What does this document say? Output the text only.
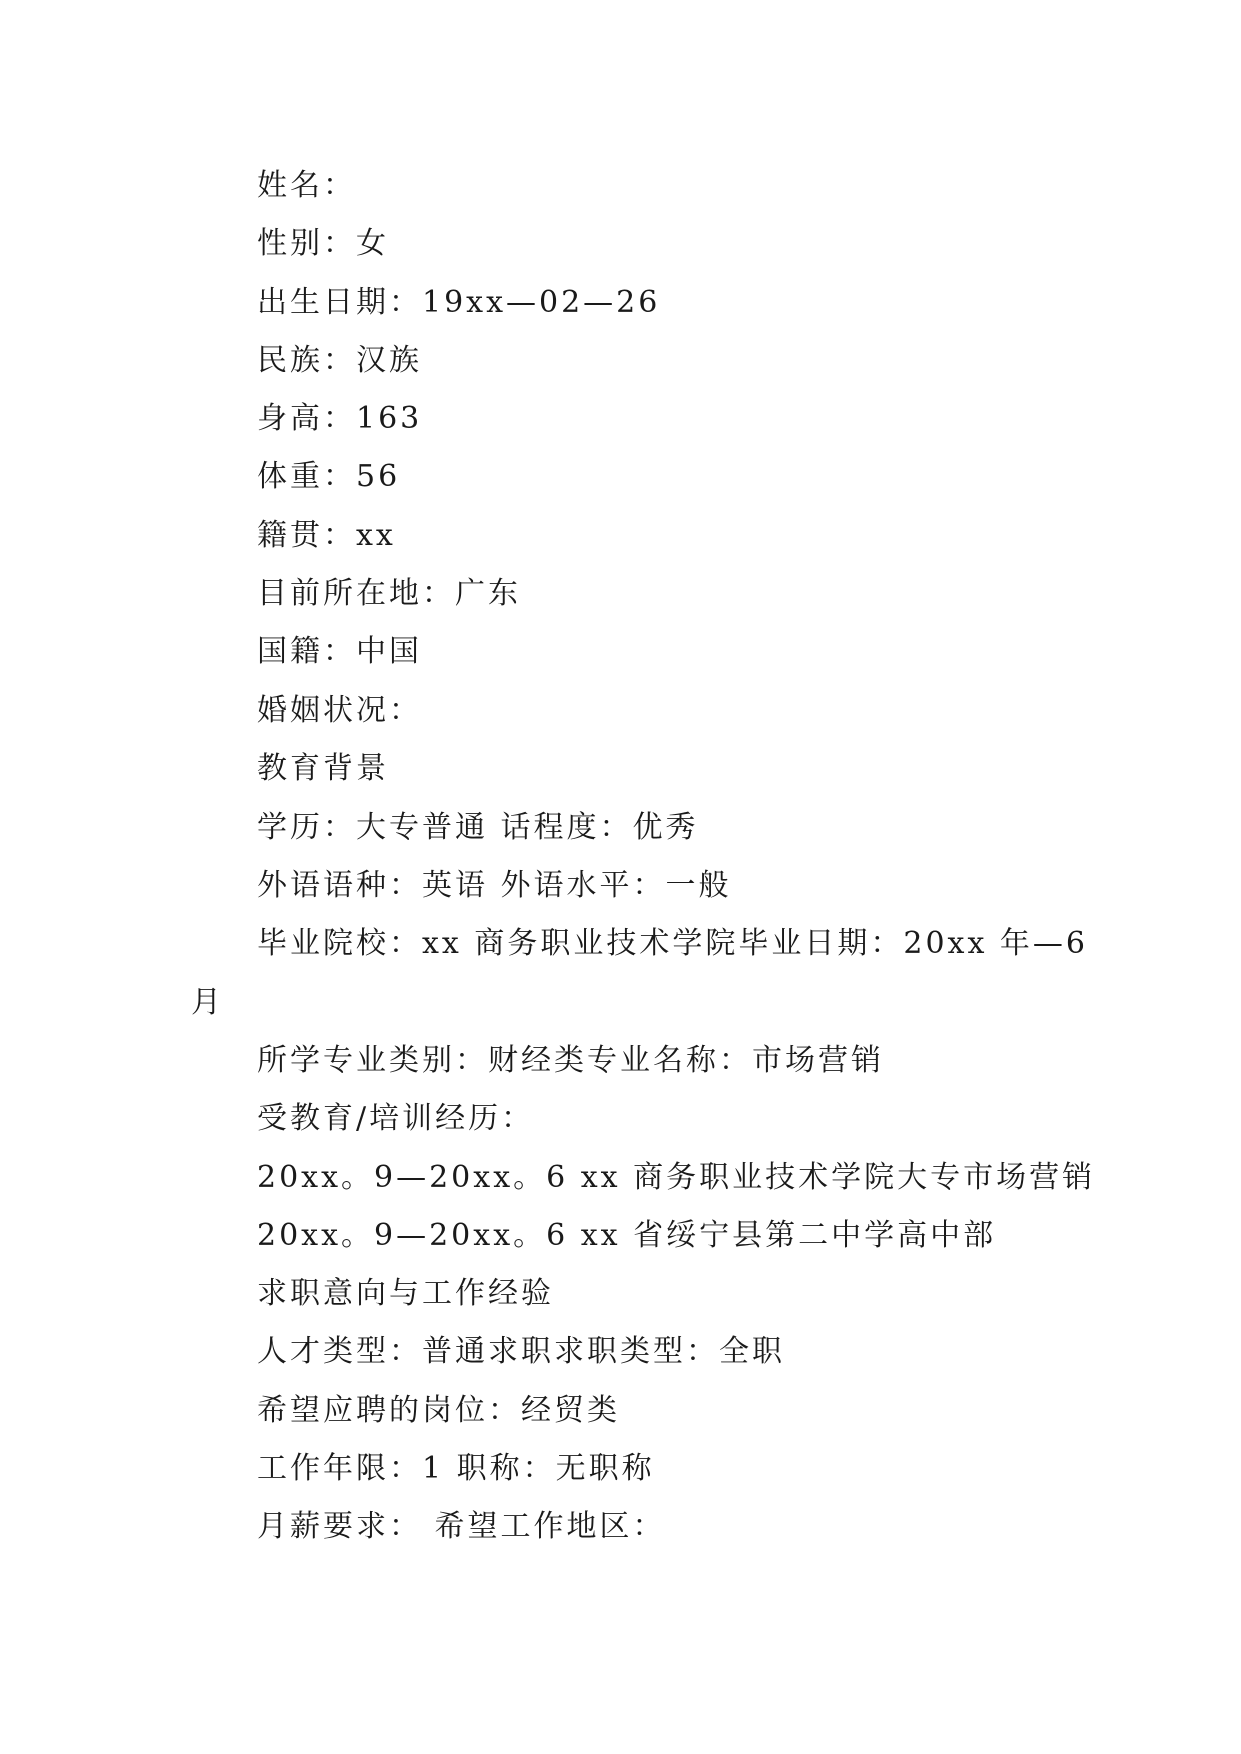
姓名：
性别：女
出生日期：19xx—02—26
民族：汉族
身高：163
体重：56
籍贯：xx
目前所在地：广东
国籍：中国
婚姻状况：
教育背景
学历：大专普通 话程度：优秀
外语语种：英语 外语水平：一般
毕业院校：xx 商务职业技术学院毕业日期：20xx 年—6
月
所学专业类别：财经类专业名称：市场营销
受教育/培训经历：
20xx。9—20xx。6 xx 商务职业技术学院大专市场营销
20xx。9—20xx。6 xx 省绥宁县第二中学高中部
求职意向与工作经验
人才类型：普通求职求职类型：全职
希望应聘的岗位：经贸类
工作年限：1 职称：无职称
月薪要求： 希望工作地区：
